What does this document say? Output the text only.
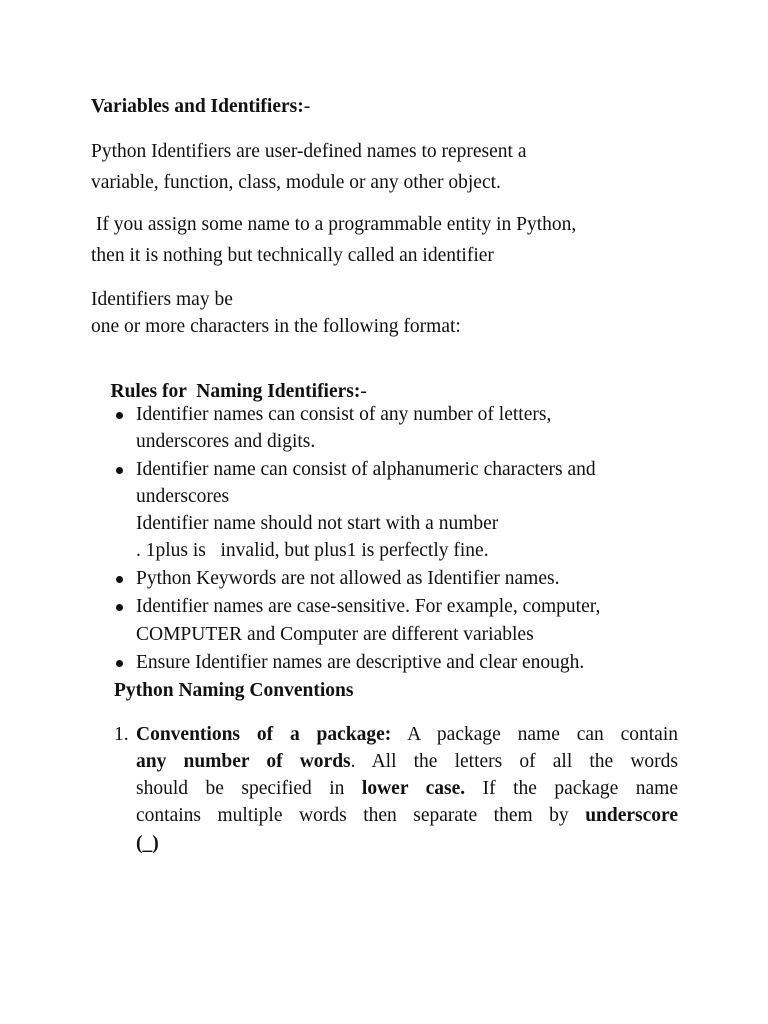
Variables and Identifiers:-
Python Identifiers are user-defined names to represent a
variable, function, class, module or any other object.
If you assign some name to a programmable entity in Python,
then it is nothing but technically called an identifier
Identifiers may be
one or more characters in the following format:

Rules for  Naming Identifiers:-

Identifier names can consist of any number of letters,
underscores and digits.
Identifier name can consist of alphanumeric characters and
underscores
Identifier name should not start with a number
. 1plus is   invalid, but plus1 is perfectly fine.
Python Keywords are not allowed as Identifier names.
Identifier names are case-sensitive. For example, computer,
COMPUTER and Computer are different variables
Ensure Identifier names are descriptive and clear enough.
Python Naming Conventions
1. Conventions of a package: A package name can contain
any number of words. All the letters of all the words
should be specified in lower case. If the package name
contains multiple words then separate them by underscore
(_)
